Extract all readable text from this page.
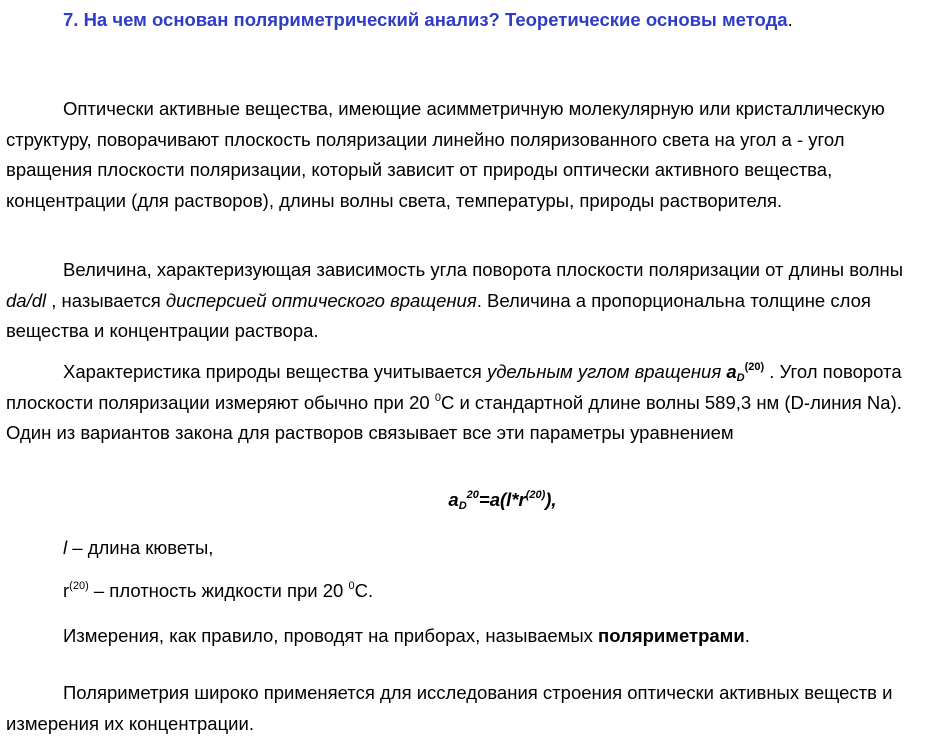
7. На чем основан поляриметрический анализ? Теоретические основы метода.

Оптически активные вещества, имеющие асимметричную молекулярную или кристаллическую структуру, поворачивают плоскость поляризации линейно поляризованного света на угол а - угол вращения плоскости поляризации, который зависит от природы оптически активного вещества, концентрации (для растворов), длины волны света, температуры, природы растворителя.

Величина, характеризующая зависимость угла поворота плоскости поляризации от длины волны da/dl , называется дисперсией оптического вращения. Величина а пропорциональна толщине слоя вещества и концентрации раствора.

Характеристика природы вещества учитывается удельным углом вращения $a_D^{(20)}$ . Угол поворота плоскости поляризации измеряют обычно при 20 $^0$С и стандартной длине волны 589,3 нм (D-линия Na). Один из вариантов закона для растворов связывает все эти параметры уравнением

$a_D^{20}=a(l*r^{(20)})$,
l – длина кюветы,
$r^{(20)}$ – плотность жидкости при 20 $^0$С.
Измерения, как правило, проводят на приборах, называемых поляриметрами.

Поляриметрия широко применяется для исследования строения оптически активных веществ и измерения их концентрации.
